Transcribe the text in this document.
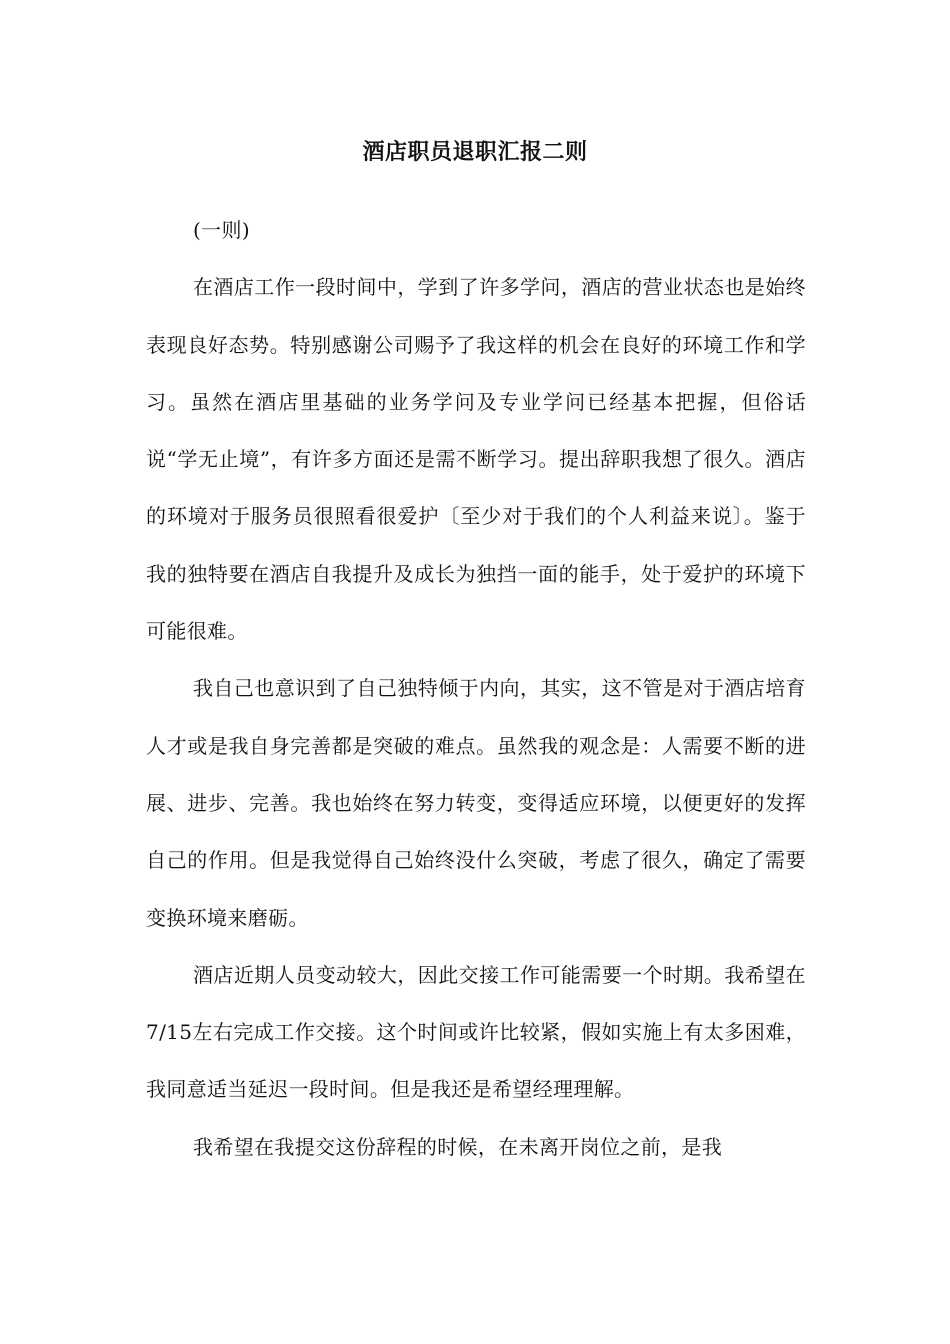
酒店职员退职汇报二则

(一则)

在酒店工作一段时间中，学到了许多学问，酒店的营业状态也是始终表现良好态势。特别感谢公司赐予了我这样的机会在良好的环境工作和学习。虽然在酒店里基础的业务学问及专业学问已经基本把握，但俗话说“学无止境”，有许多方面还是需不断学习。提出辞职我想了很久。酒店的环境对于服务员很照看很爱护〔至少对于我们的个人利益来说〕。鉴于我的独特要在酒店自我提升及成长为独挡一面的能手，处于爱护的环境下可能很难。

我自己也意识到了自己独特倾于内向，其实，这不管是对于酒店培育人才或是我自身完善都是突破的难点。虽然我的观念是：人需要不断的进展、进步、完善。我也始终在努力转变，变得适应环境，以便更好的发挥自己的作用。但是我觉得自己始终没什么突破，考虑了很久，确定了需要变换环境来磨砺。

酒店近期人员变动较大，因此交接工作可能需要一个时期。我希望在7/15左右完成工作交接。这个时间或许比较紧，假如实施上有太多困难，我同意适当延迟一段时间。但是我还是希望经理理解。

我希望在我提交这份辞程的时候，在未离开岗位之前，是我
